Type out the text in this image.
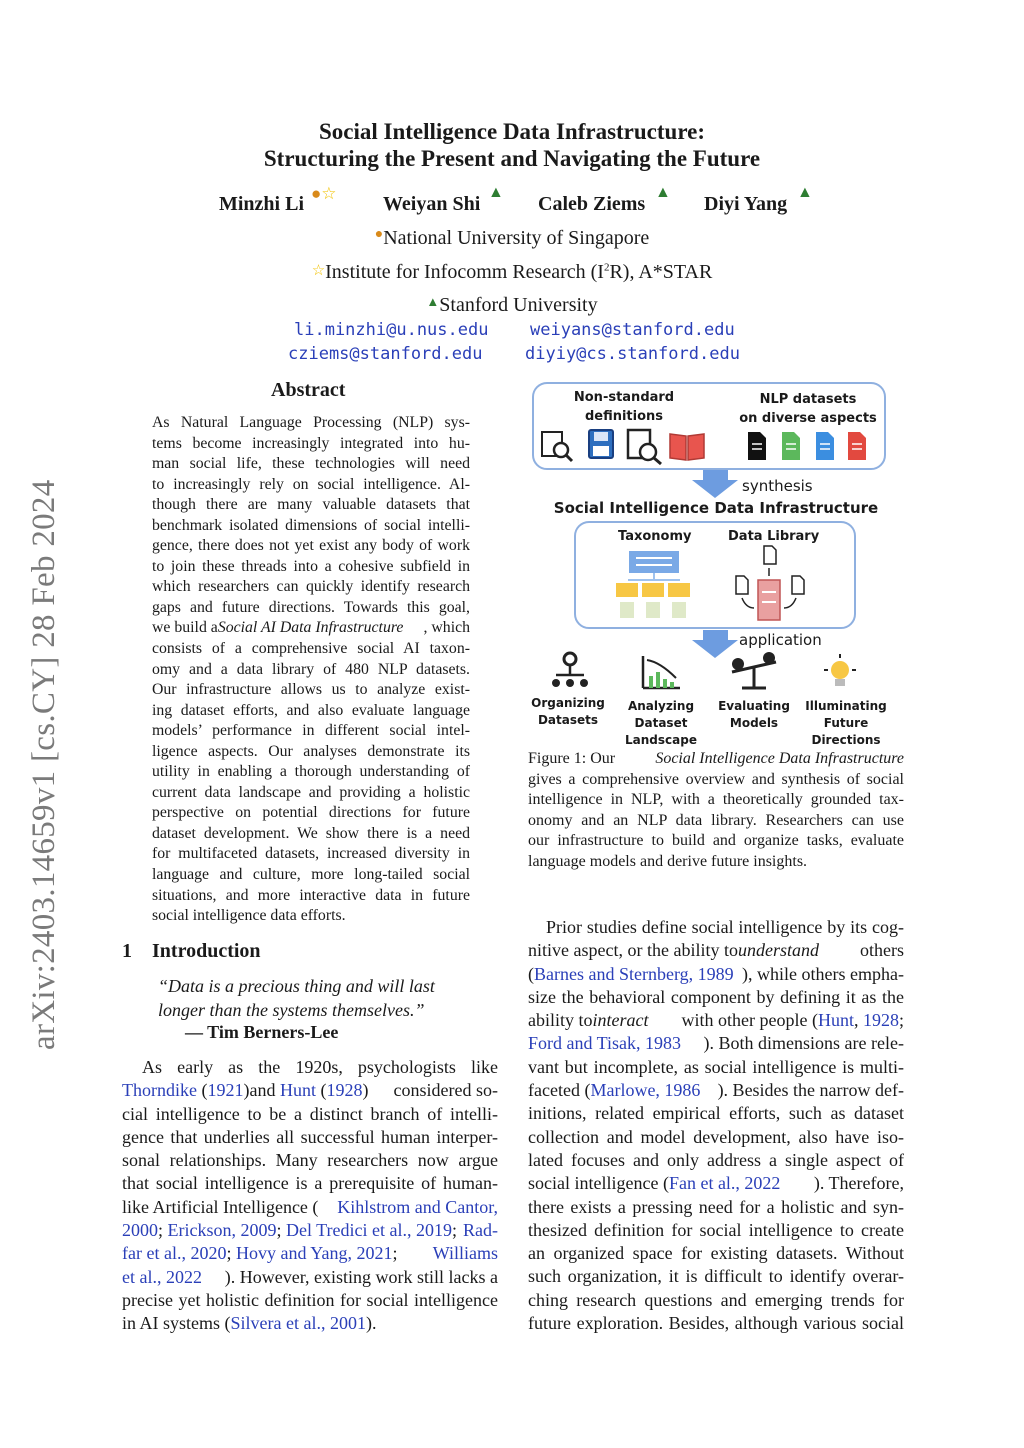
arXiv:2403.14659v1 [cs.CY] 28 Feb 2024
Social Intelligence Data Infrastructure:
Structuring the Present and Navigating the Future
Minzhi Li ●☆ Weiyan Shi
▲
Caleb Ziems
▲
Diyi Yang
▲
●National University of Singapore
☆Institute for Infocomm Research $(I^2R)$, A*STAR
▲Stanford University
li.minzhi@u.nus.edu weiyans@stanford.edu
cziems@stanford.edu	diyiy@cs.stanford.edu
Abstract
As Natural Language Processing (NLP) sys-
tems become increasingly integrated into hu-
man social life, these technologies will need
to increasingly rely on social intelligence. Al-
though there are many valuable datasets that
benchmark isolated dimensions of social intelli-
gence, there does not yet exist any body of work
to join these threads into a cohesive subfield in
which researchers can quickly identify research
gaps and future directions. Towards this goal,
we build a Social AI Data Infrastructure	, which
consists of a comprehensive social AI taxon-
omy and a data library of 480 NLP datasets.
Our infrastructure allows us to analyze exist-
ing dataset efforts, and also evaluate language
models’ performance in different social intel-
ligence aspects. Our analyses demonstrate its
utility in enabling a thorough understanding of
current data landscape and providing a holistic
perspective on potential directions for future
dataset development. We show there is a need
for multifaceted datasets, increased diversity in
language and culture, more long-tailed social
situations, and more interactive data in future
social intelligence data efforts.
1 Introduction
“Data is a precious thing and will last
longer than the systems themselves.”
— Tim Berners-Lee
As early as the 1920s, psychologists like
Thorndike ( 1921 ) and
Hunt ( 1928 )	considered so-
cial intelligence to be a distinct branch of intelli-
gence that underlies all successful human interper-
sonal relationships. Many researchers now argue
that social intelligence is a prerequisite of human-
like Artificial Intelligence (	Kihlstrom and Cantor,
2000; Erickson, 2009; Del Tredici et al., 2019; Rad-
far et al., 2020; Hovy and Yang, 2021; Williams
et al., 2022	). However, existing work still lacks a
precise yet holistic definition for social intelligence
in AI systems (Silvera et al., 2001).
Non-standard
definitions
NLP datasets
on diverse aspects
synthesis
Social Intelligence Data Infrastructure
Taxonomy	Data Library
application
Organizing
Datasets
Analyzing
Dataset Landscape
Evaluating
Models
Illuminating
Future Directions
Figure 1: Our	Social Intelligence Data Infrastructure
gives a comprehensive overview and synthesis of social
intelligence in NLP, with a theoretically grounded tax-
onomy and an NLP data library. Researchers can use
our infrastructure to build and organize tasks, evaluate
language models and derive future insights.
Prior studies define social intelligence by its cog-
nitive aspect, or the ability to understand	others
( Barnes and Sternberg, 1989 ), while others empha-
size the behavioral component by defining it as the
ability to interact	with other people (Hunt, 1928;
Ford and Tisak, 1983	). Both dimensions are rele-
vant but incomplete, as social intelligence is multi-
faceted ( Marlowe, 1986 ). Besides the narrow def-
initions, related empirical efforts, such as dataset
collection and model development, also have iso-
lated focuses and only address a single aspect of
social intelligence ( Fan et al., 2022	). Therefore,
there exists a pressing need for a holistic and syn-
thesized definition for social intelligence to create
an organized space for existing datasets. Without
such organization, it is difficult to identify overar-
ching research questions and emerging trends for
future exploration. Besides, although various social
